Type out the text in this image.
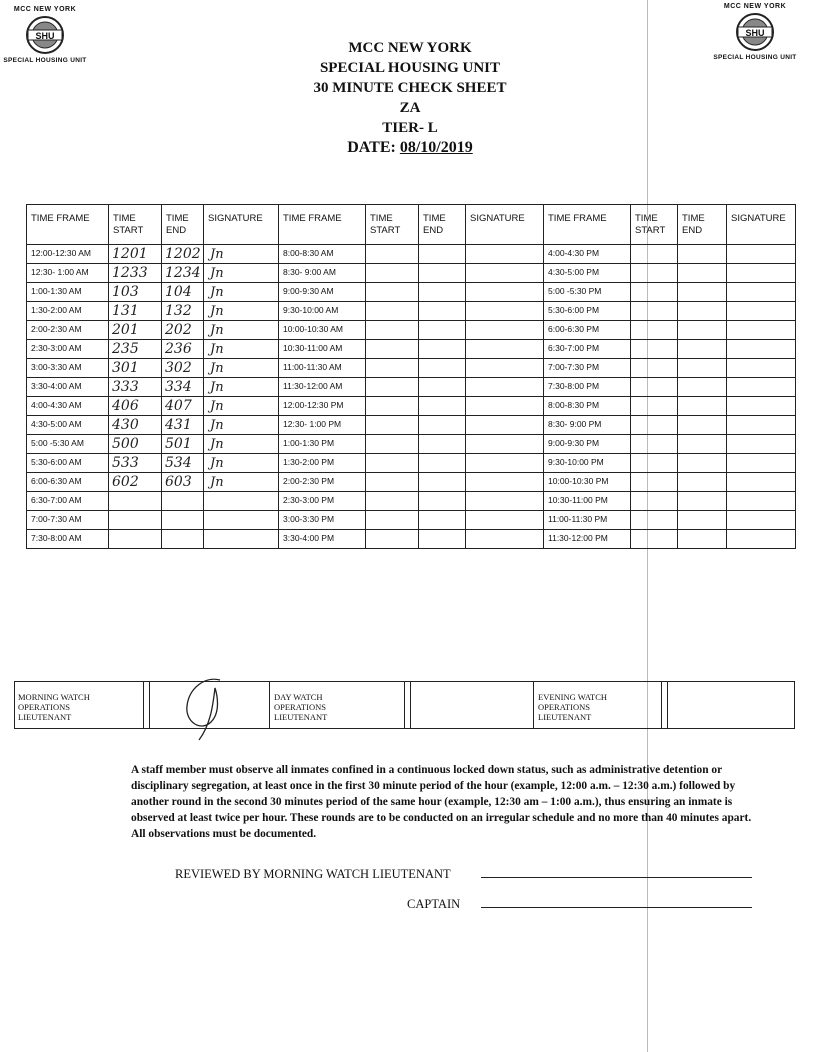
MCC NEW YORK
SHU
SPECIAL HOUSING UNIT
MCC NEW YORK
SHU
SPECIAL HOUSING UNIT
MCC NEW YORK
SPECIAL HOUSING UNIT
30 MINUTE CHECK SHEET
ZA
TIER- L
DATE: 08/10/2019
TIME FRAME	TIME START	TIME END	SIGNATURE	TIME FRAME	TIME START	TIME END	SIGNATURE	TIME FRAME	TIME START	TIME END	SIGNATURE
12:00-12:30 AM	1201	1202	Jn	8:00-8:30 AM				4:00-4:30 PM			
12:30- 1:00 AM	1233	1234	Jn	8:30- 9:00 AM				4:30-5:00 PM			
1:00-1:30 AM	103	104	Jn	9:00-9:30 AM				5:00 -5:30 PM			
1:30-2:00 AM	131	132	Jn	9:30-10:00 AM				5:30-6:00 PM			
2:00-2:30 AM	201	202	Jn	10:00-10:30 AM				6:00-6:30 PM			
2:30-3:00 AM	235	236	Jn	10:30-11:00 AM				6:30-7:00 PM			
3:00-3:30 AM	301	302	Jn	11:00-11:30 AM				7:00-7:30 PM			
3:30-4:00 AM	333	334	Jn	11:30-12:00 AM				7:30-8:00 PM			
4:00-4:30 AM	406	407	Jn	12:00-12:30 PM				8:00-8:30 PM			
4:30-5:00 AM	430	431	Jn	12:30- 1:00 PM				8:30- 9:00 PM			
5:00 -5:30 AM	500	501	Jn	1:00-1:30 PM				9:00-9:30 PM			
5:30-6:00 AM	533	534	Jn	1:30-2:00 PM				9:30-10:00 PM			
6:00-6:30 AM	602	603	Jn	2:00-2:30 PM				10:00-10:30 PM			
6:30-7:00 AM				2:30-3:00 PM				10:30-11:00 PM			
7:00-7:30 AM				3:00-3:30 PM				11:00-11:30 PM			
7:30-8:00 AM				3:30-4:00 PM				11:30-12:00 PM			
MORNING WATCH
OPERATIONS
LIEUTENANT
DAY WATCH
OPERATIONS
LIEUTENANT
EVENING WATCH
OPERATIONS
LIEUTENANT
A staff member must observe all inmates confined in a continuous locked down status, such as administrative detention or disciplinary segregation, at least once in the first 30 minute period of the hour (example, 12:00 a.m. – 12:30 a.m.) followed by another round in the second 30 minutes period of the same hour (example, 12:30 am – 1:00 a.m.), thus ensuring an inmate is observed at least twice per hour. These rounds are to be conducted on an irregular schedule and no more than 40 minutes apart. All observations must be documented.
REVIEWED BY MORNING WATCH LIEUTENANT
CAPTAIN
